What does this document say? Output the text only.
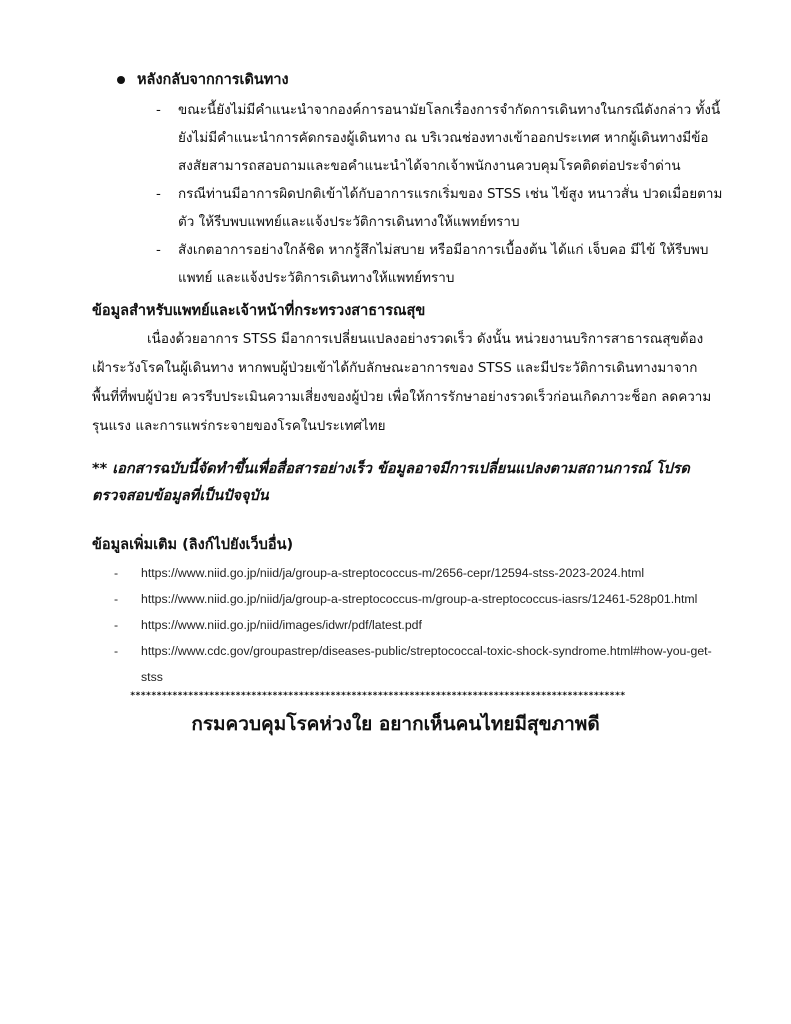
หลังกลับจากการเดินทาง
- ขณะนี้ยังไม่มีคำแนะนำจากองค์การอนามัยโลกเรื่องการจำกัดการเดินทางในกรณีดังกล่าว ทั้งนี้ยังไม่มีคำแนะนำการคัดกรองผู้เดินทาง ณ บริเวณช่องทางเข้าออกประเทศ หากผู้เดินทางมีข้อสงสัยสามารถสอบถามและขอคำแนะนำได้จากเจ้าพนักงานควบคุมโรคติดต่อประจำด่าน
- กรณีท่านมีอาการผิดปกติเข้าได้กับอาการแรกเริ่มของ STSS เช่น ไข้สูง หนาวสั่น ปวดเมื่อยตามตัว ให้รีบพบแพทย์และแจ้งประวัติการเดินทางให้แพทย์ทราบ
- สังเกตอาการอย่างใกล้ชิด หากรู้สึกไม่สบาย หรือมีอาการเบื้องต้น ได้แก่ เจ็บคอ มีไข้ ให้รีบพบแพทย์ และแจ้งประวัติการเดินทางให้แพทย์ทราบ
ข้อมูลสำหรับแพทย์และเจ้าหน้าที่กระทรวงสาธารณสุข
เนื่องด้วยอาการ STSS มีอาการเปลี่ยนแปลงอย่างรวดเร็ว ดังนั้น หน่วยงานบริการสาธารณสุขต้องเฝ้าระวังโรคในผู้เดินทาง หากพบผู้ป่วยเข้าได้กับลักษณะอาการของ STSS และมีประวัติการเดินทางมาจากพื้นที่ที่พบผู้ป่วย ควรรีบประเมินความเสี่ยงของผู้ป่วย เพื่อให้การรักษาอย่างรวดเร็วก่อนเกิดภาวะช็อก ลดความรุนแรง และการแพร่กระจายของโรคในประเทศไทย
** เอกสารฉบับนี้จัดทำขึ้นเพื่อสื่อสารอย่างเร็ว ข้อมูลอาจมีการเปลี่ยนแปลงตามสถานการณ์ โปรดตรวจสอบข้อมูลที่เป็นปัจจุบัน
ข้อมูลเพิ่มเติม (ลิงก์ไปยังเว็บอื่น)
- https://www.niid.go.jp/niid/ja/group-a-streptococcus-m/2656-cepr/12594-stss-2023-2024.html
- https://www.niid.go.jp/niid/ja/group-a-streptococcus-m/group-a-streptococcus-iasrs/12461-528p01.html
- https://www.niid.go.jp/niid/images/idwr/pdf/latest.pdf
- https://www.cdc.gov/groupastrep/diseases-public/streptococcal-toxic-shock-syndrome.html#how-you-get-stss
**********************************************************************************************
กรมควบคุมโรคห่วงใย อยากเห็นคนไทยมีสุขภาพดี
